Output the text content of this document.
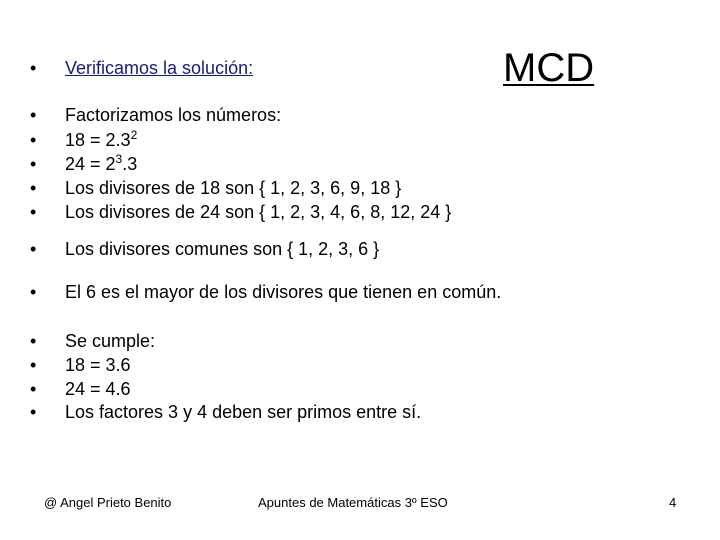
MCD
•	Verificamos la solución:
•	Factorizamos los números:
•	$18 = 2.3^2$
•	$24 = 2^3.3$
•	Los divisores de 18 son { 1, 2, 3, 6, 9, 18 }
•	Los divisores de 24 son { 1, 2, 3, 4, 6, 8, 12, 24 }
•	Los divisores comunes son { 1, 2, 3, 6 }
•	El 6 es el mayor de los divisores que tienen en común.
•	Se cumple:
•	18 = 3.6
•	24 = 4.6
•	Los factores 3 y 4 deben ser primos entre sí.
@ Angel Prieto Benito	Apuntes de Matemáticas 3º ESO	4
